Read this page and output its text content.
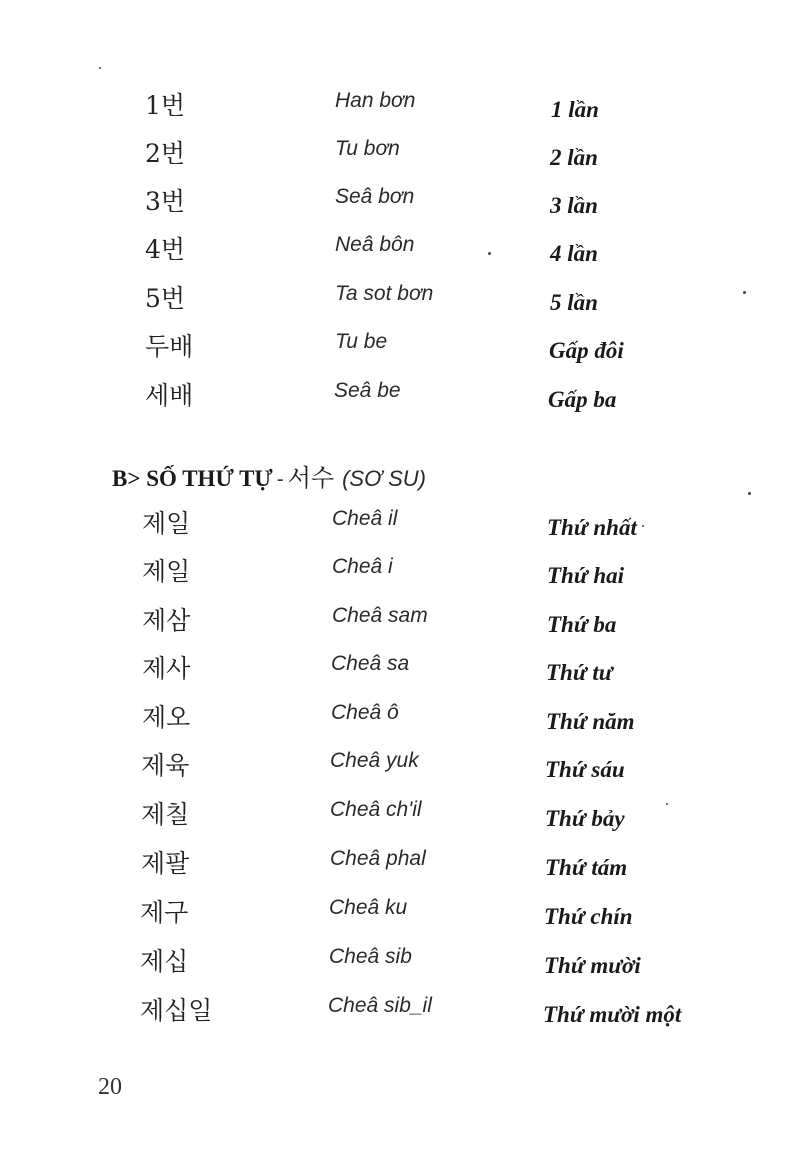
1번	Han bơn	1 lần
2번	Tu bơn	2 lần
3번	Seâ bơn	3 lần
4번	Neâ bôn	4 lần
5번	Ta sot bơn	5 lần
두배	Tu be	Gấp đôi
세배	Seâ be	Gấp ba
B> SỐ THỨ TỰ - 서수 (SƠ SU)
제일	Cheâ il	Thứ nhất
제일	Cheâ i	Thứ hai
제삼	Cheâ sam	Thứ ba
제사	Cheâ sa	Thứ tư
제오	Cheâ ô	Thứ năm
제육	Cheâ yuk	Thứ sáu
제칠	Cheâ ch'il	Thứ bảy
제팔	Cheâ phal	Thứ tám
제구	Cheâ ku	Thứ chín
제십	Cheâ sib	Thứ mười
제십일	Cheâ sib_il	Thứ mười một
20
